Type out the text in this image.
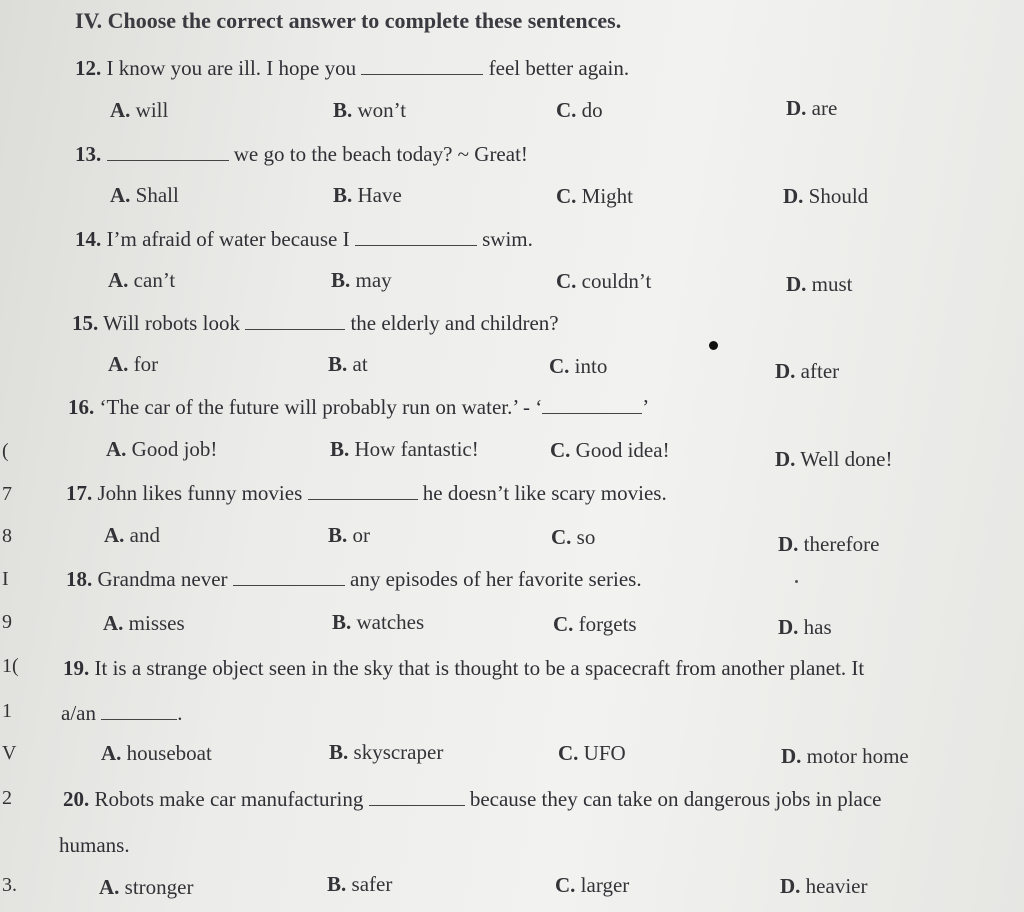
IV. Choose the correct answer to complete these sentences.
12. I know you are ill. I hope you	feel better again.
A. will	B. won’t	C. do	D. are
13.	we go to the beach today? ~ Great!
A. Shall	B. Have	C. Might	D. Should
14. I’m afraid of water because I	swim.
A. can’t	B. may	C. couldn’t	D. must
15. Will robots look	the elderly and children?
A. for	B. at	C. into	D. after
16. ‘The car of the future will probably run on water.’ - ‘	’
A. Good job!	B. How fantastic!	C. Good idea!	D. Well done!
17. John likes funny movies	he doesn’t like scary movies.
A. and	B. or	C. so	D. therefore
18. Grandma never	any episodes of her favorite series.
A. misses	B. watches	C. forgets	D. has
19. It is a strange object seen in the sky that is thought to be a spacecraft from another planet. It
a/an	.
A. houseboat	B. skyscraper	C. UFO	D. motor home
20. Robots make car manufacturing	because they can take on dangerous jobs in place
humans.
A. stronger	B. safer	C. larger	D. heavier
(
7
8
I
9
1(
1
V
2
3.
